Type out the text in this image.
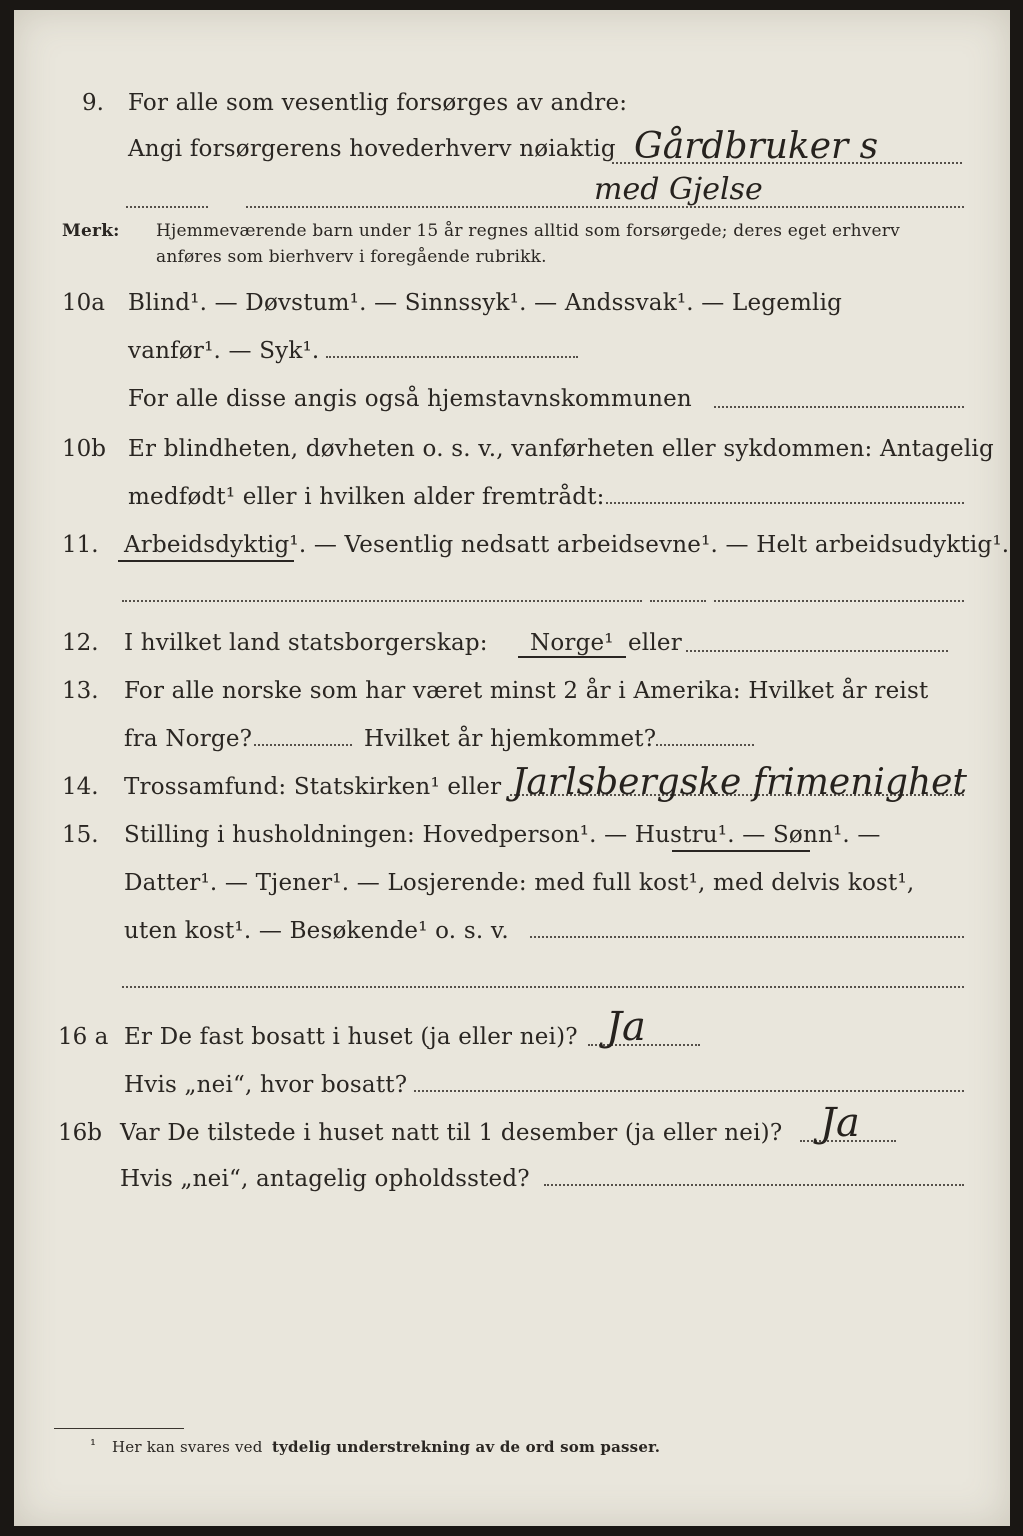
9. For alle som vesentlig forsørges av andre:
Angi forsørgerens hovederhverv nøiaktig Gårdbruker s
med Gjelse
Merk: Hjemmeværende barn under 15 år regnes alltid som forsørgede; deres eget erhverv
anføres som bierhverv i foregående rubrikk.
10a Blind¹. — Døvstum¹. — Sinnssyk¹. — Andssvak¹. — Legemlig
vanfør¹. — Syk¹.
For alle disse angis også hjemstavnskommunen
10b Er blindheten, døvheten o. s. v., vanførheten eller sykdommen: Antagelig
medfødt¹ eller i hvilken alder fremtrådt:
11. Arbeidsdyktig¹. — Vesentlig nedsatt arbeidsevne¹. — Helt arbeidsudyktig¹.
12. I hvilket land statsborgerskap: Norge¹ eller
13. For alle norske som har været minst 2 år i Amerika: Hvilket år reist
fra Norge?	Hvilket år hjemkommet?
14. Trossamfund: Statskirken¹ eller Jarlsbergske frimenighet
15. Stilling i husholdningen: Hovedperson¹. — Hustru¹. — Sønn¹. —
Datter¹. — Tjener¹. — Losjerende: med full kost¹, med delvis kost¹,
uten kost¹. — Besøkende¹ o. s. v.
16 a Er De fast bosatt i huset (ja eller nei)? Ja
Hvis „nei“, hvor bosatt?
16b Var De tilstede i huset natt til 1 desember (ja eller nei)? Ja
Hvis „nei“, antagelig opholdssted?
¹ Her kan svares ved tydelig understrekning av de ord som passer.
